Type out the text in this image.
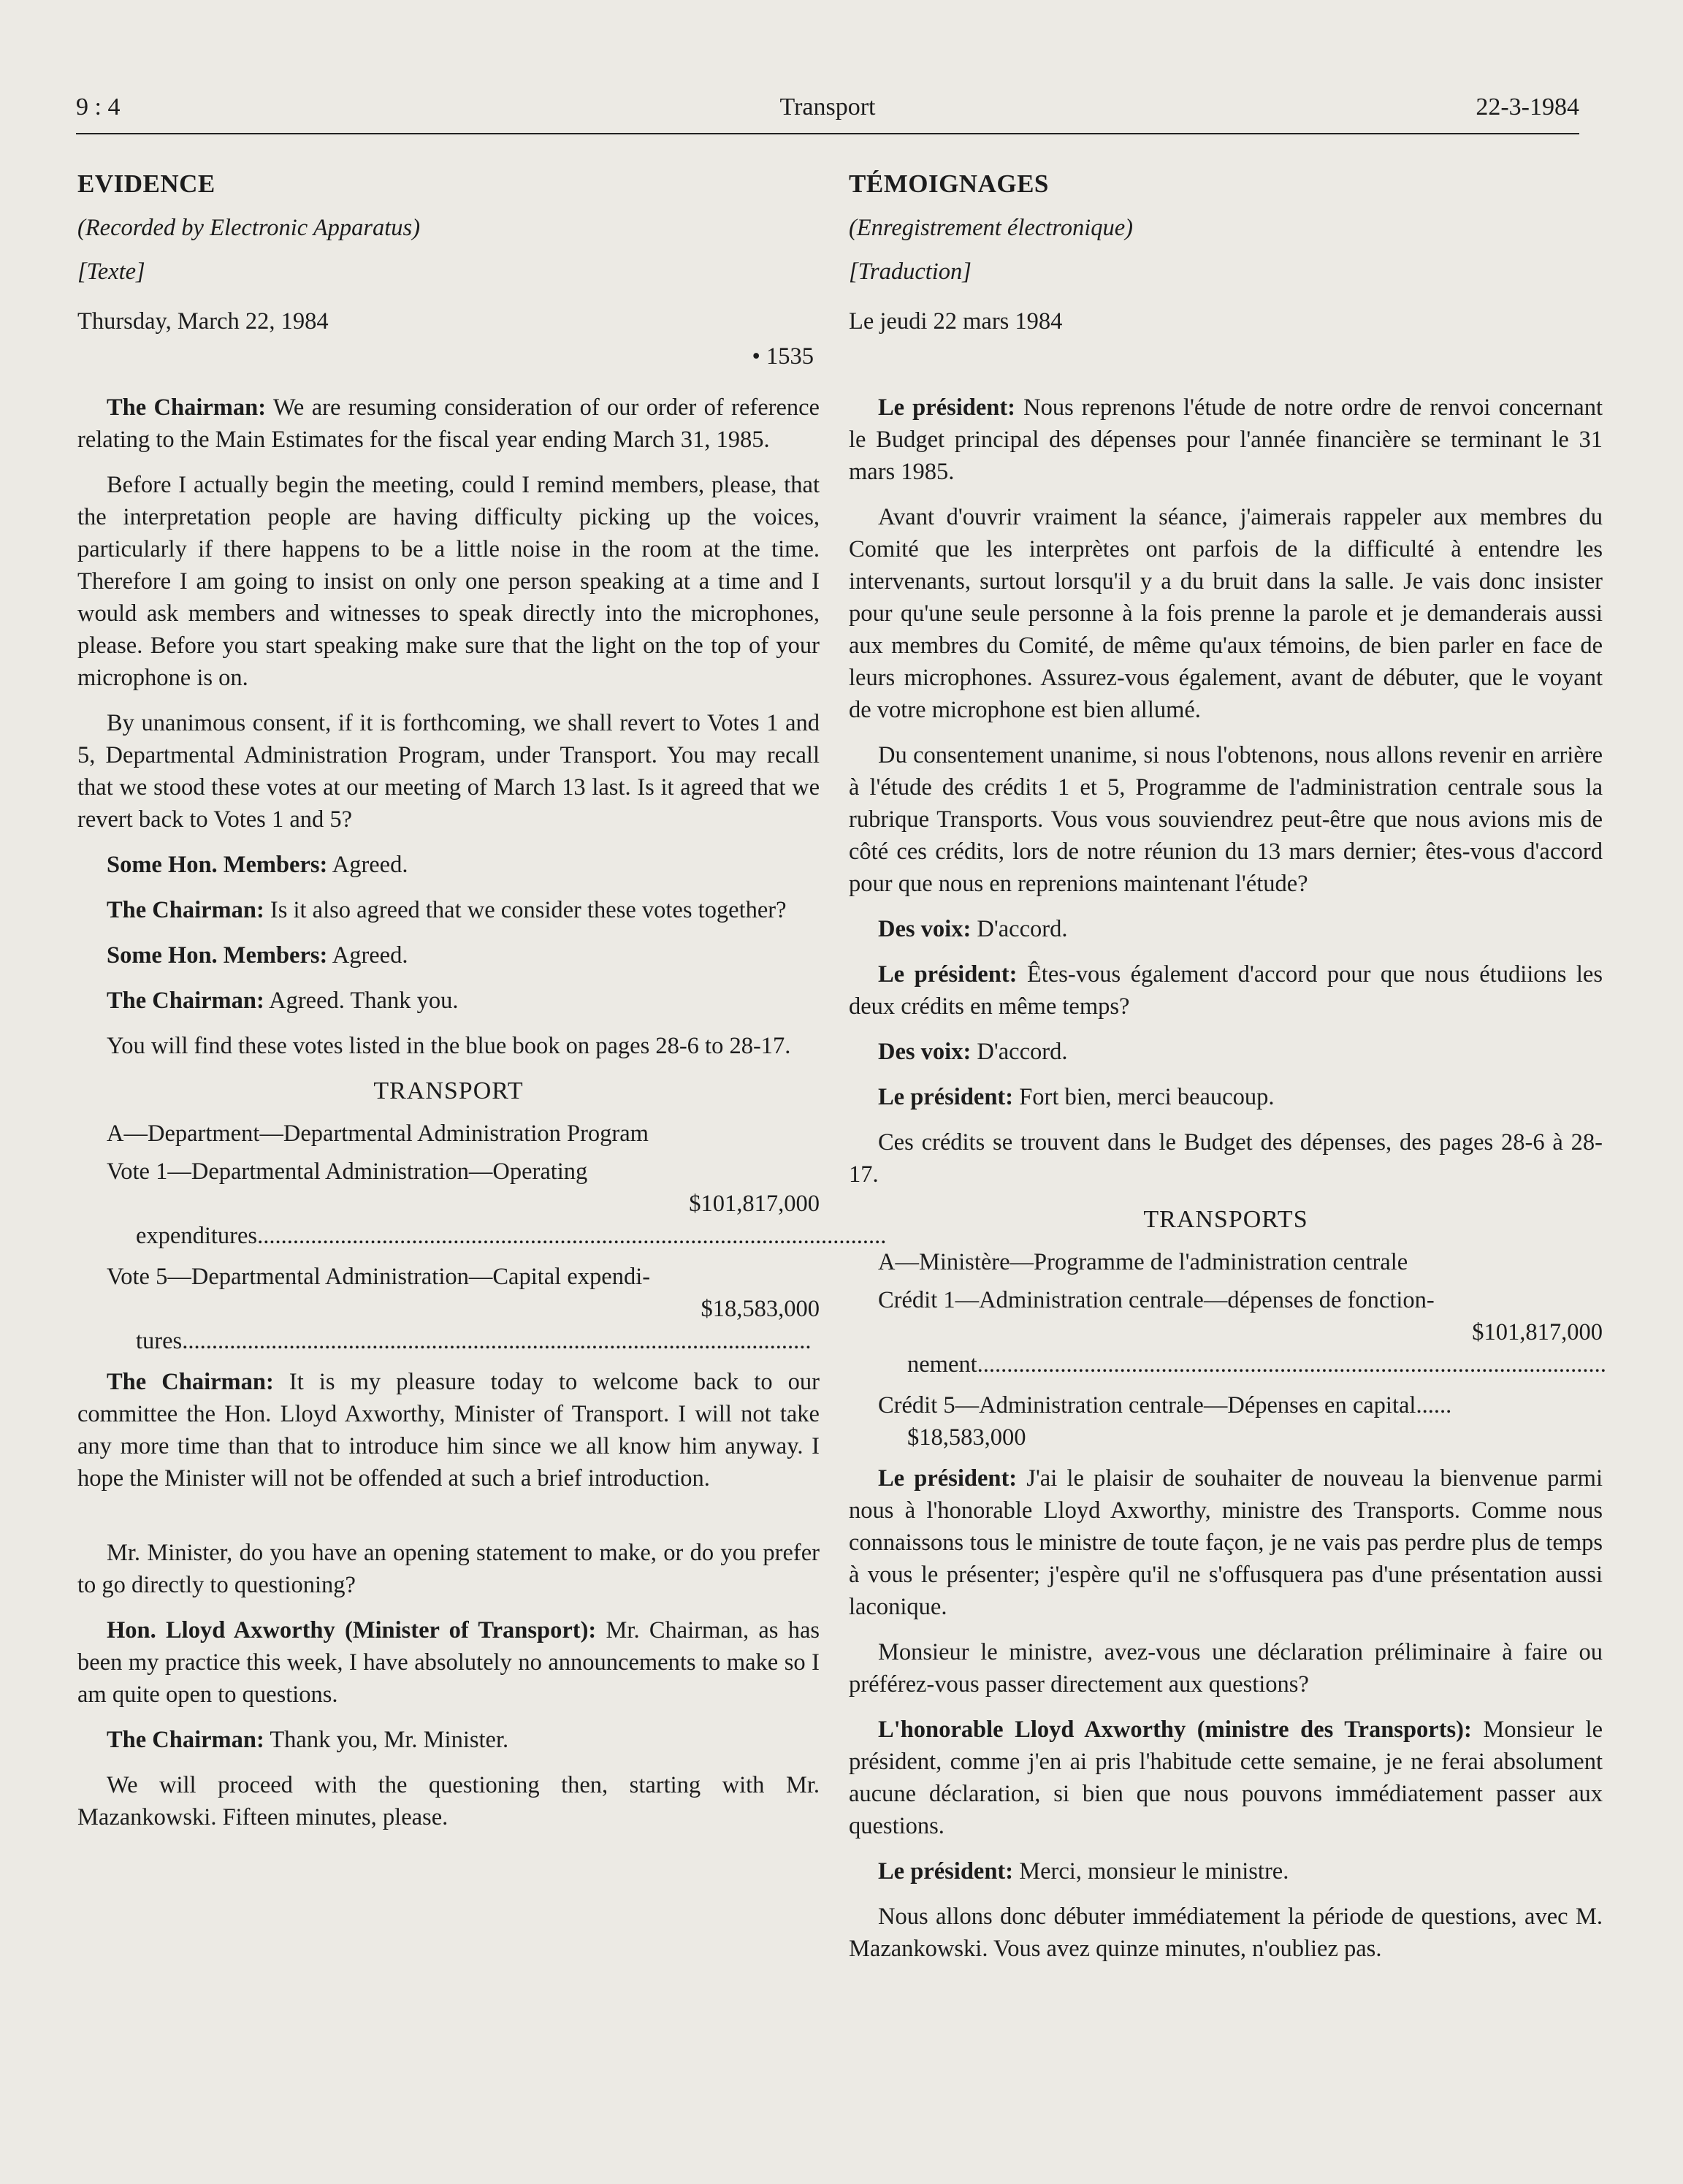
9 : 4	Transport	22-3-1984
EVIDENCE
(Recorded by Electronic Apparatus)
[Texte]
Thursday, March 22, 1984
• 1535

The Chairman: We are resuming consideration of our order of reference relating to the Main Estimates for the fiscal year ending March 31, 1985.

Before I actually begin the meeting, could I remind members, please, that the interpretation people are having difficulty picking up the voices, particularly if there happens to be a little noise in the room at the time. Therefore I am going to insist on only one person speaking at a time and I would ask members and witnesses to speak directly into the microphones, please. Before you start speaking make sure that the light on the top of your microphone is on.

By unanimous consent, if it is forthcoming, we shall revert to Votes 1 and 5, Departmental Administration Program, under Transport. You may recall that we stood these votes at our meeting of March 13 last. Is it agreed that we revert back to Votes 1 and 5?

Some Hon. Members: Agreed.

The Chairman: Is it also agreed that we consider these votes together?

Some Hon. Members: Agreed.

The Chairman: Agreed. Thank you.

You will find these votes listed in the blue book on pages 28-6 to 28-17.

TRANSPORT
A—Department—Departmental Administration Program
Vote 1—Departmental Administration—Operating
$101,817,000
expenditures..........................................................................................................
Vote 5—Departmental Administration—Capital expendi-
$18,583,000
tures..........................................................................................................

The Chairman: It is my pleasure today to welcome back to our committee the Hon. Lloyd Axworthy, Minister of Transport. I will not take any more time than that to introduce him since we all know him anyway. I hope the Minister will not be offended at such a brief introduction.

Mr. Minister, do you have an opening statement to make, or do you prefer to go directly to questioning?

Hon. Lloyd Axworthy (Minister of Transport): Mr. Chairman, as has been my practice this week, I have absolutely no announcements to make so I am quite open to questions.

The Chairman: Thank you, Mr. Minister.

We will proceed with the questioning then, starting with Mr. Mazankowski. Fifteen minutes, please.

TÉMOIGNAGES
(Enregistrement électronique)
[Traduction]
Le jeudi 22 mars 1984

Le président: Nous reprenons l'étude de notre ordre de renvoi concernant le Budget principal des dépenses pour l'année financière se terminant le 31 mars 1985.

Avant d'ouvrir vraiment la séance, j'aimerais rappeler aux membres du Comité que les interprètes ont parfois de la difficulté à entendre les intervenants, surtout lorsqu'il y a du bruit dans la salle. Je vais donc insister pour qu'une seule personne à la fois prenne la parole et je demanderais aussi aux membres du Comité, de même qu'aux témoins, de bien parler en face de leurs microphones. Assurez-vous également, avant de débuter, que le voyant de votre microphone est bien allumé.

Du consentement unanime, si nous l'obtenons, nous allons revenir en arrière à l'étude des crédits 1 et 5, Programme de l'administration centrale sous la rubrique Transports. Vous vous souviendrez peut-être que nous avions mis de côté ces crédits, lors de notre réunion du 13 mars dernier; êtes-vous d'accord pour que nous en reprenions maintenant l'étude?

Des voix: D'accord.

Le président: Êtes-vous également d'accord pour que nous étudiions les deux crédits en même temps?

Des voix: D'accord.

Le président: Fort bien, merci beaucoup.

Ces crédits se trouvent dans le Budget des dépenses, des pages 28-6 à 28-17.

TRANSPORTS
A—Ministère—Programme de l'administration centrale
Crédit 1—Administration centrale—dépenses de fonction-
$101,817,000
nement..........................................................................................................
Crédit 5—Administration centrale—Dépenses en capital......
$18,583,000

Le président: J'ai le plaisir de souhaiter de nouveau la bienvenue parmi nous à l'honorable Lloyd Axworthy, ministre des Transports. Comme nous connaissons tous le ministre de toute façon, je ne vais pas perdre plus de temps à vous le présenter; j'espère qu'il ne s'offusquera pas d'une présentation aussi laconique.

Monsieur le ministre, avez-vous une déclaration préliminaire à faire ou préférez-vous passer directement aux questions?

L'honorable Lloyd Axworthy (ministre des Transports): Monsieur le président, comme j'en ai pris l'habitude cette semaine, je ne ferai absolument aucune déclaration, si bien que nous pouvons immédiatement passer aux questions.

Le président: Merci, monsieur le ministre.

Nous allons donc débuter immédiatement la période de questions, avec M. Mazankowski. Vous avez quinze minutes, n'oubliez pas.
